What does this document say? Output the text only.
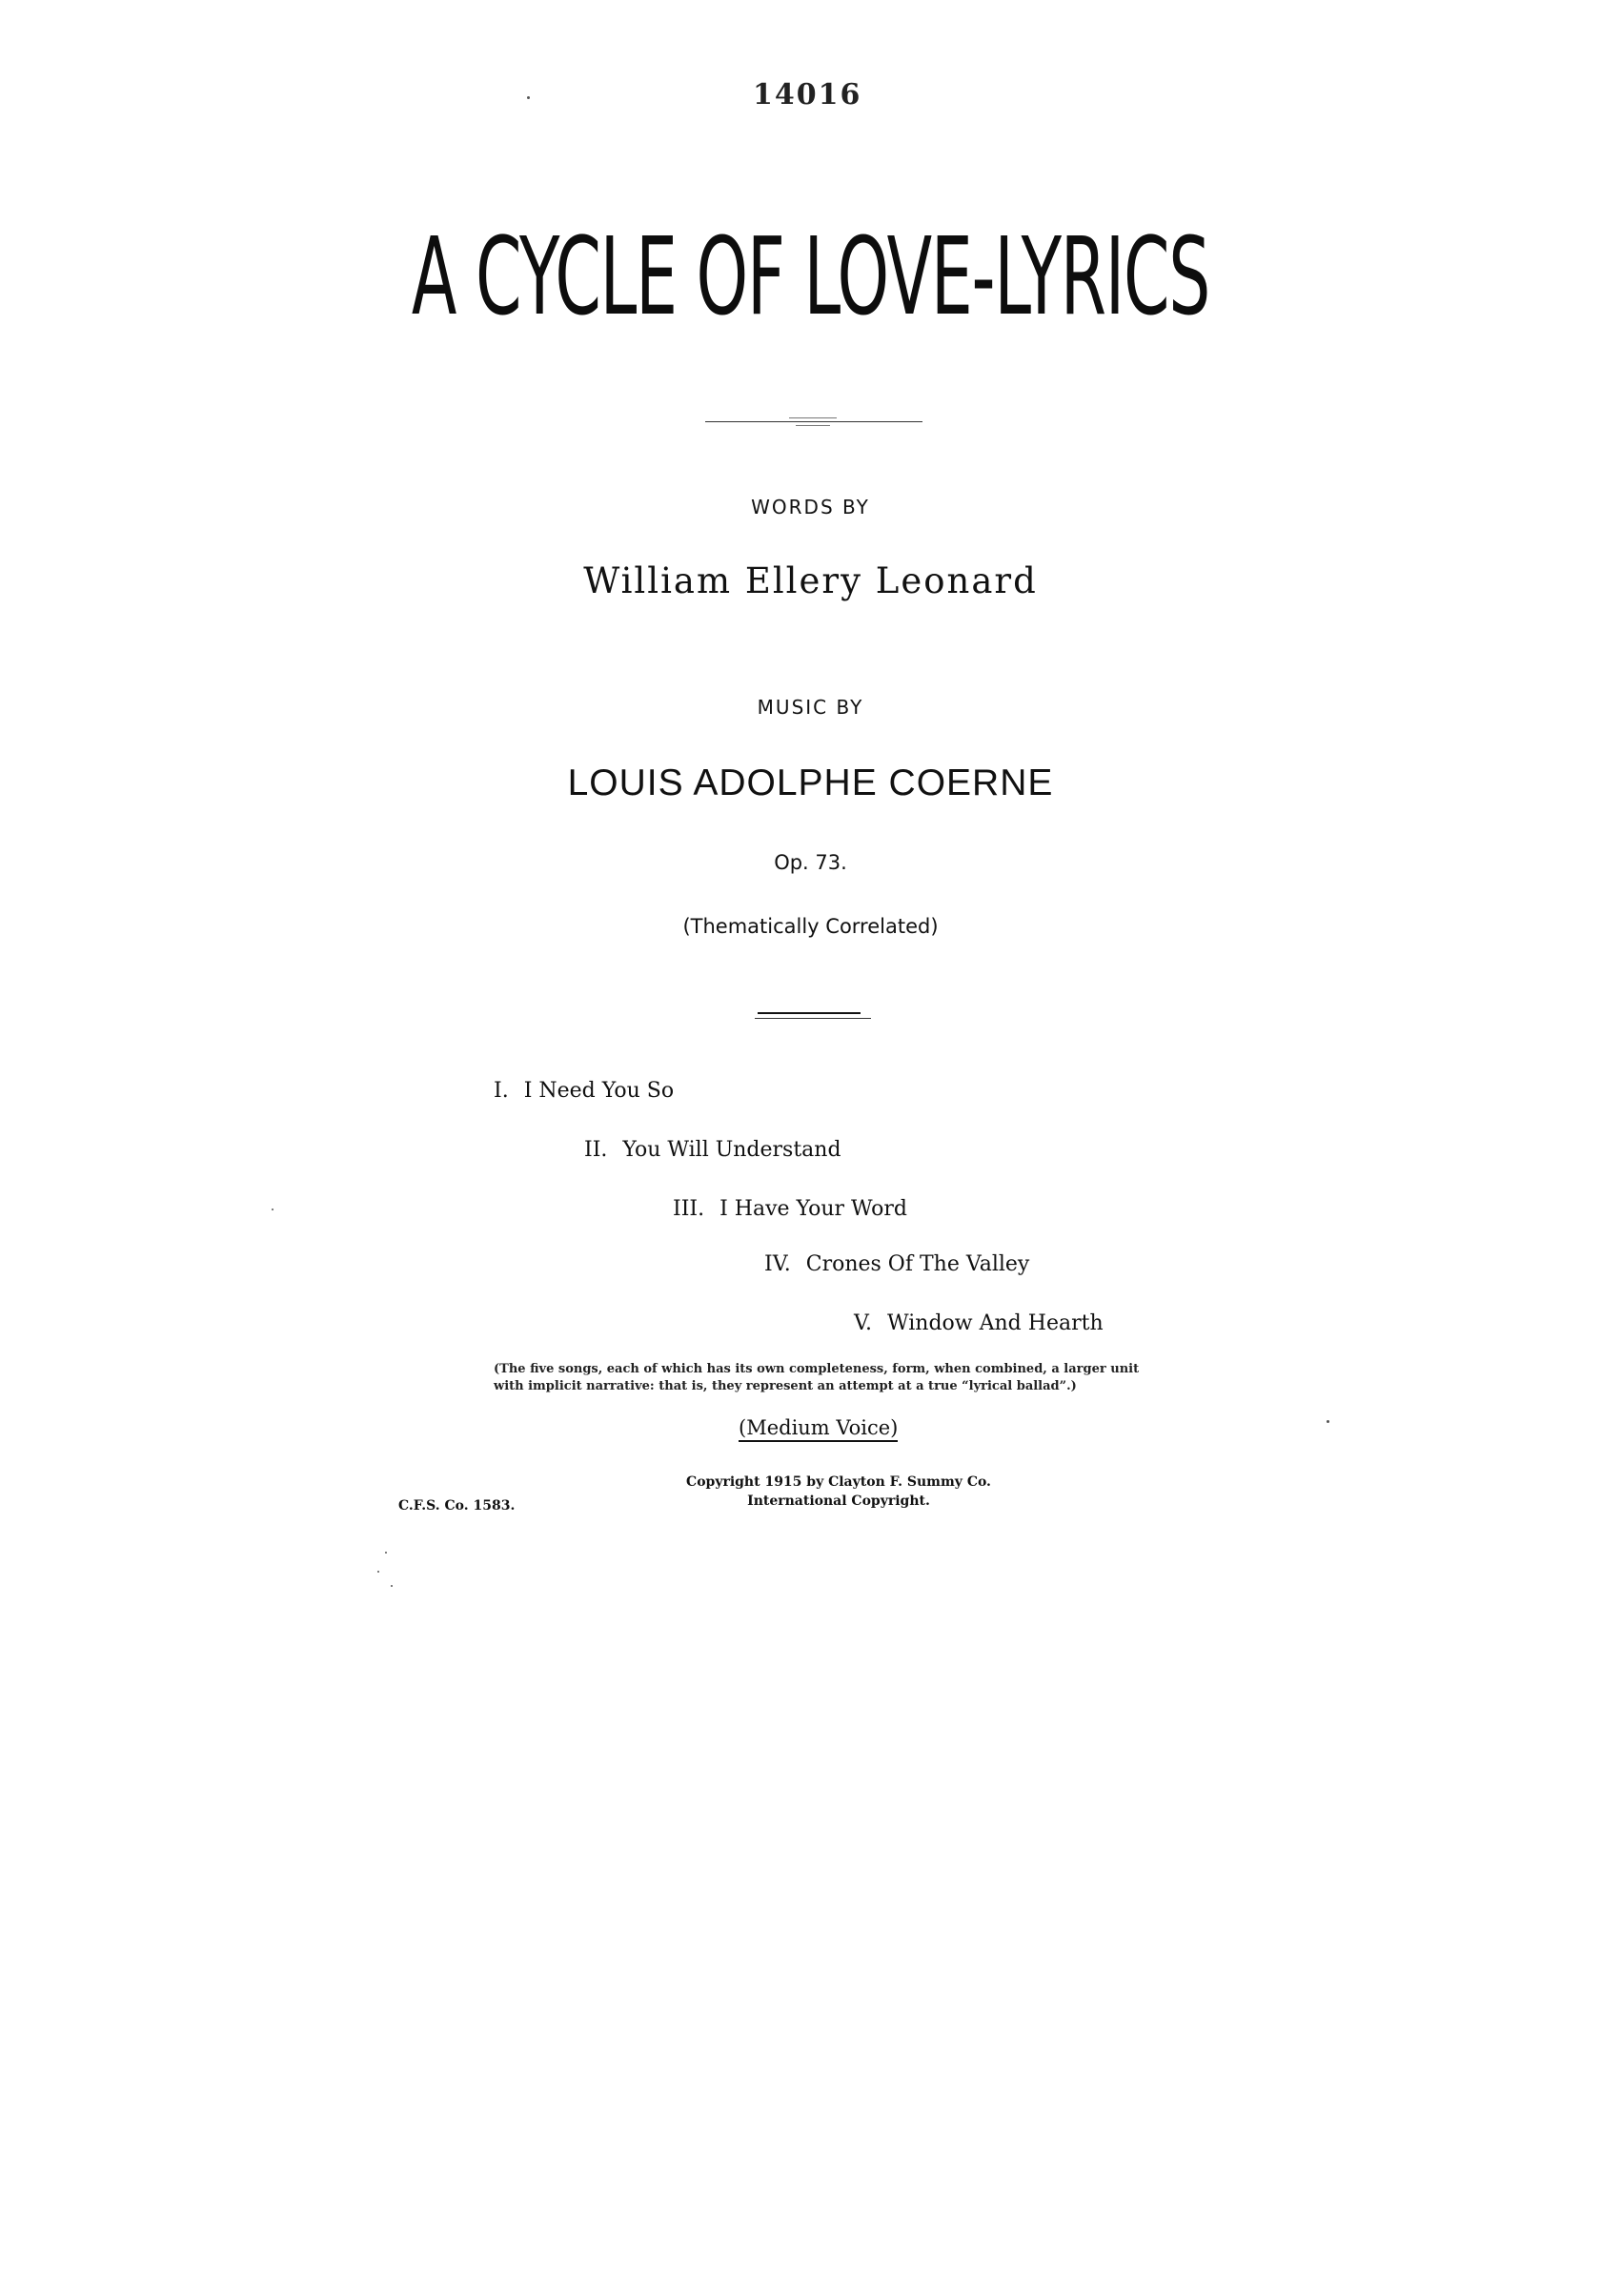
14016
A CYCLE OF LOVE-LYRICS
WORDS BY
William Ellery Leonard
MUSIC BY
LOUIS ADOLPHE COERNE
Op. 73.
(Thematically Correlated)
I. I Need You So
II. You Will Understand
III. I Have Your Word
IV. Crones Of The Valley
V. Window And Hearth
(The five songs, each of which has its own completeness, form, when combined, a larger unit with implicit narrative: that is, they represent an attempt at a true “lyrical ballad”.)
(Medium Voice)
C.F.S. Co. 1583.
Copyright 1915 by Clayton F. Summy Co.
International Copyright.
